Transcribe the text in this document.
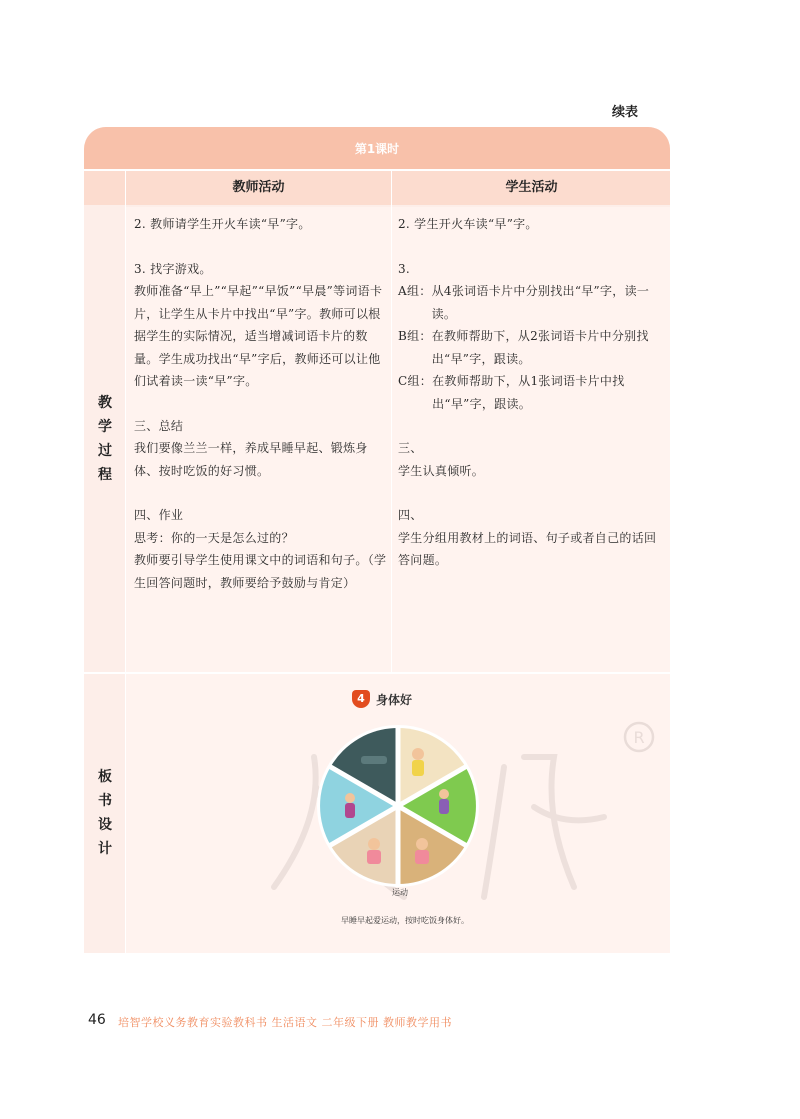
续表
第1课时
教师活动	学生活动
教
学
过
程
板
书
设
计

2. 教师请学生开火车读“早”字。

3. 找字游戏。

教师准备“早上”“早起”“早饭”“早晨”等词语卡片，让学生从卡片中找出“早”字。教师可以根据学生的实际情况，适当增减词语卡片的数量。学生成功找出“早”字后，教师还可以让他们试着读一读“早”字。

三、总结

我们要像兰兰一样，养成早睡早起、锻炼身体、按时吃饭的好习惯。

四、作业

思考：你的一天是怎么过的？

教师要引导学生使用课文中的词语和句子。（学生回答问题时，教师要给予鼓励与肯定）

2. 学生开火车读“早”字。

3.

A组： 从4张词语卡片中分别找出“早”字，读一读。
B组： 在教师帮助下，从2张词语卡片中分别找出“早”字，跟读。
C组： 在教师帮助下，从1张词语卡片中找出“早”字，跟读。

三、

学生认真倾听。

四、

学生分组用教材上的词语、句子或者自己的话回答问题。

R
4 身体好
运动
早睡早起爱运动，按时吃饭身体好。
46 培智学校义务教育实验教科书 生活语文 二年级下册 教师教学用书
